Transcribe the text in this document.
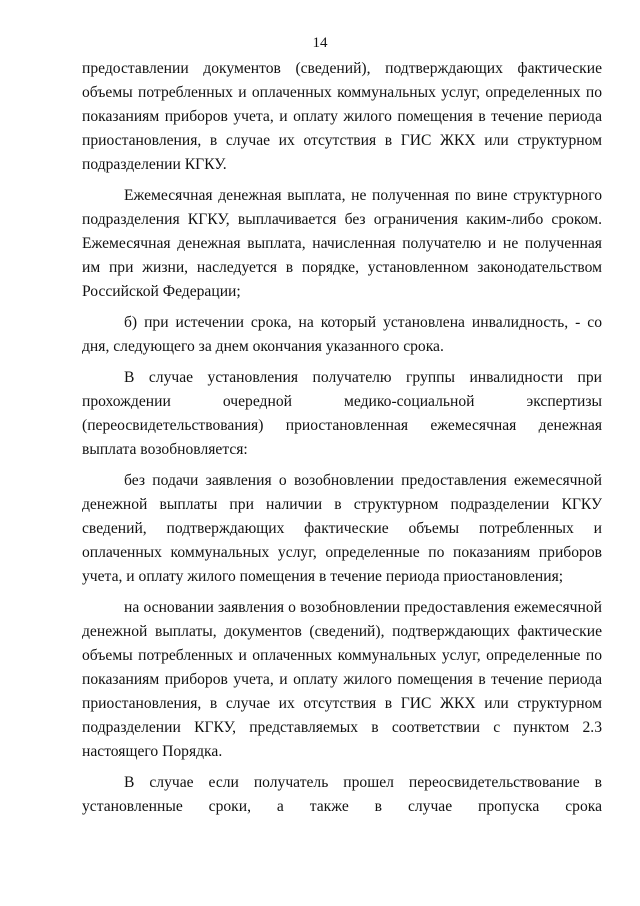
14

предоставлении документов (сведений), подтверждающих фактические объемы потребленных и оплаченных коммунальных услуг, определенных по показаниям приборов учета, и оплату жилого помещения в течение периода приостановления, в случае их отсутствия в ГИС ЖКХ или структурном подразделении КГКУ.

Ежемесячная денежная выплата, не полученная по вине структурного подразделения КГКУ, выплачивается без ограничения каким-либо сроком. Ежемесячная денежная выплата, начисленная получателю и не полученная им при жизни, наследуется в порядке, установленном законодательством Российской Федерации;

б) при истечении срока, на который установлена инвалидность, - со дня, следующего за днем окончания указанного срока.

В случае установления получателю группы инвалидности при прохождении очередной медико-социальной экспертизы (переосвидетельствования) приостановленная ежемесячная денежная выплата возобновляется:

без подачи заявления о возобновлении предоставления ежемесячной денежной выплаты при наличии в структурном подразделении КГКУ сведений, подтверждающих фактические объемы потребленных и оплаченных коммунальных услуг, определенные по показаниям приборов учета, и оплату жилого помещения в течение периода приостановления;

на основании заявления о возобновлении предоставления ежемесячной денежной выплаты, документов (сведений), подтверждающих фактические объемы потребленных и оплаченных коммунальных услуг, определенные по показаниям приборов учета, и оплату жилого помещения в течение периода приостановления, в случае их отсутствия в ГИС ЖКХ или структурном подразделении КГКУ, представляемых в соответствии с пунктом 2.3 настоящего Порядка.

В случае если получатель прошел переосвидетельствование в установленные сроки, а также в случае пропуска срока
